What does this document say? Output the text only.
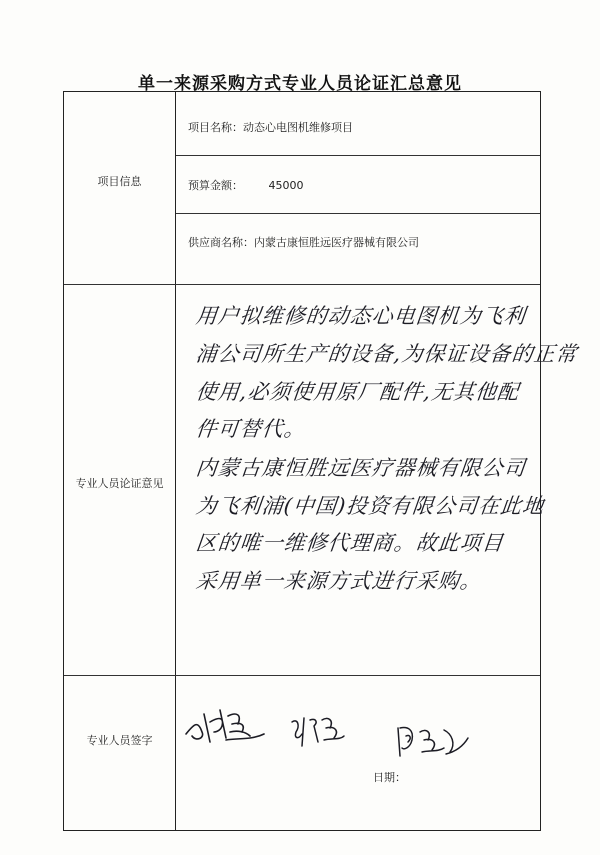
单一来源采购方式专业人员论证汇总意见
项目信息
项目名称：动态心电图机维修项目
预算金额： 45000
供应商名称：内蒙古康恒胜远医疗器械有限公司
专业人员论证意见
用户拟维修的动态心电图机为飞利
浦公司所生产的设备,为保证设备的正常
使用,必须使用原厂配件,无其他配
件可替代。
内蒙古康恒胜远医疗器械有限公司
为飞利浦(中国)投资有限公司在此地
区的唯一维修代理商。故此项目
采用单一来源方式进行采购。
专业人员签字
日期：
